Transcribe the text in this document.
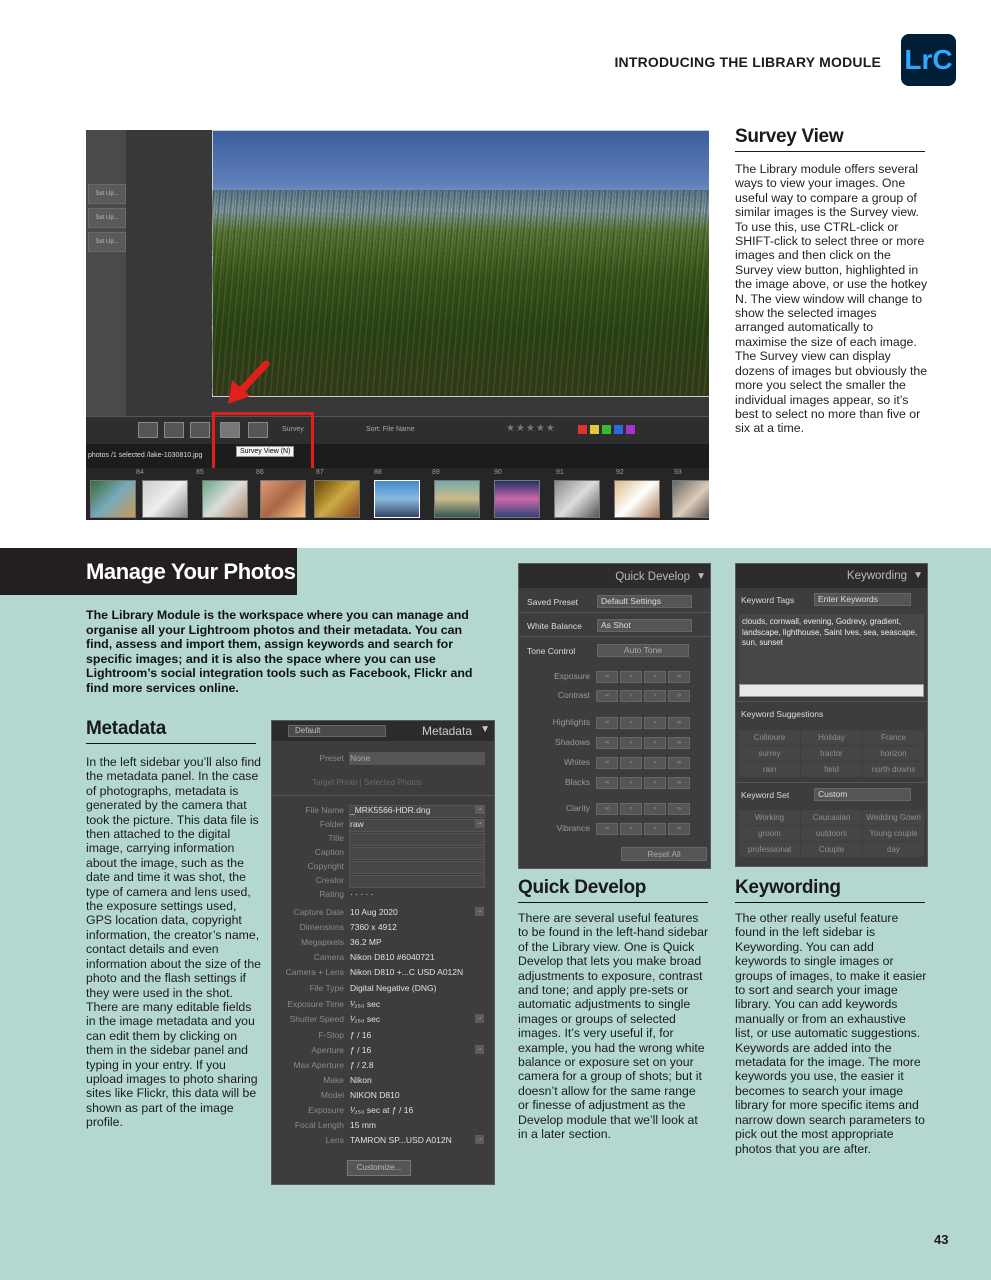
INTRODUCING THE LIBRARY MODULE LrC
Set Up...
Set Up...
Set Up...
Survey	Sort: File Name	★★★★★
photos /1 selected /lake-1030810.jpg
Survey View (N)
84	85	86	87	88	89	90	91	92	93
Survey View
The Library module offers several ways to view your images. One useful way to compare a group of similar images is the Survey view. To use this, use CTRL-click or SHIFT-click to select three or more images and then click on the Survey view button, highlighted in the image above, or use the hotkey N. The view window will change to show the selected images arranged automatically to maximise the size of each image. The Survey view can display dozens of images but obviously the more you select the smaller the individual images appear, so it’s best to select no more than five or six at a time.
Manage Your Photos
The Library Module is the workspace where you can manage and organise all your Lightroom photos and their metadata. You can find, assess and import them, assign keywords and search for specific images; and it is also the space where you can use Lightroom’s social integration tools such as Facebook, Flickr and find more services online.
Metadata
In the left sidebar you’ll also find the metadata panel. In the case of photographs, metadata is generated by the camera that took the picture. This data file is then attached to the digital image, carrying information about the image, such as the date and time it was shot, the type of camera and lens used, the exposure settings used, GPS location data, copyright information, the creator’s name, contact details and even information about the size of the photo and the flash settings if they were used in the shot. There are many editable fields in the image metadata and you can edit them by clicking on them in the sidebar panel and typing in your entry. If you upload images to photo sharing sites like Flickr, this data will be shown as part of the image profile.
Default	Metadata ▼
Preset None
Target Photo | Selected Photos
File Name _MRK5566-HDR.dng	→
Folder raw	→
Title
Caption
Copyright
Creator
Rating · · · · ·
Capture Date 10 Aug 2020	→
Dimensions 7360 x 4912
Megapixels 36.2 MP
Camera Nikon D810 #6040721
Camera + Lens Nikon D810 +...C USD A012N
File Type Digital Negative (DNG)
Exposure Time ¹⁄₂₅₀ sec
Shutter Speed ¹⁄₂₅₀ sec	→
F-Stop ƒ / 16
Aperture ƒ / 16	→
Max Aperture ƒ / 2.8
Make Nikon
Model NIKON D810
Exposure ¹⁄₂₅₀ sec at ƒ / 16
Focal Length 15 mm
Lens TAMRON SP...USD A012N	→
Customize...
Quick Develop ▼
Saved Preset	Default Settings
White Balance	As Shot
Tone Control	Auto Tone
Exposure	‹‹	‹	›	››
Contrast	‹‹	‹	›	››
Highlights	‹‹	‹	›	››
Shadows	‹‹	‹	›	››
Whites	‹‹	‹	›	››
Blacks	‹‹	‹	›	››
Clarity	‹‹	‹	›	››
Vibrance	‹‹	‹	›	››
Reset All
Quick Develop
There are several useful features to be found in the left-hand sidebar of the Library view. One is Quick Develop that lets you make broad adjustments to exposure, contrast and tone; and apply pre-sets or automatic adjustments to single images or groups of selected images. It’s very useful if, for example, you had the wrong white balance or exposure set on your camera for a group of shots; but it doesn’t allow for the same range or finesse of adjustment as the Develop module that we’ll look at in a later section.
Keywording ▼
Keyword Tags	Enter Keywords
clouds, cornwall, evening, Godrevy, gradient, landscape, lighthouse, Saint Ives, sea, seascape, sun, sunset
Keyword Suggestions
Collioure	Holiday	France
surrey	tractor	horizon
rain	field	north downs
Keyword Set	Custom
Working	Caucasian	Wedding Gown
groom	outdoors	Young couple
professional	Couple	day
Keywording
The other really useful feature found in the left sidebar is Keywording. You can add keywords to single images or groups of images, to make it easier to sort and search your image library. You can add keywords manually or from an exhaustive list, or use automatic suggestions. Keywords are added into the metadata for the image. The more keywords you use, the easier it becomes to search your image library for more specific items and narrow down search parameters to pick out the most appropriate photos that you are after.
43
